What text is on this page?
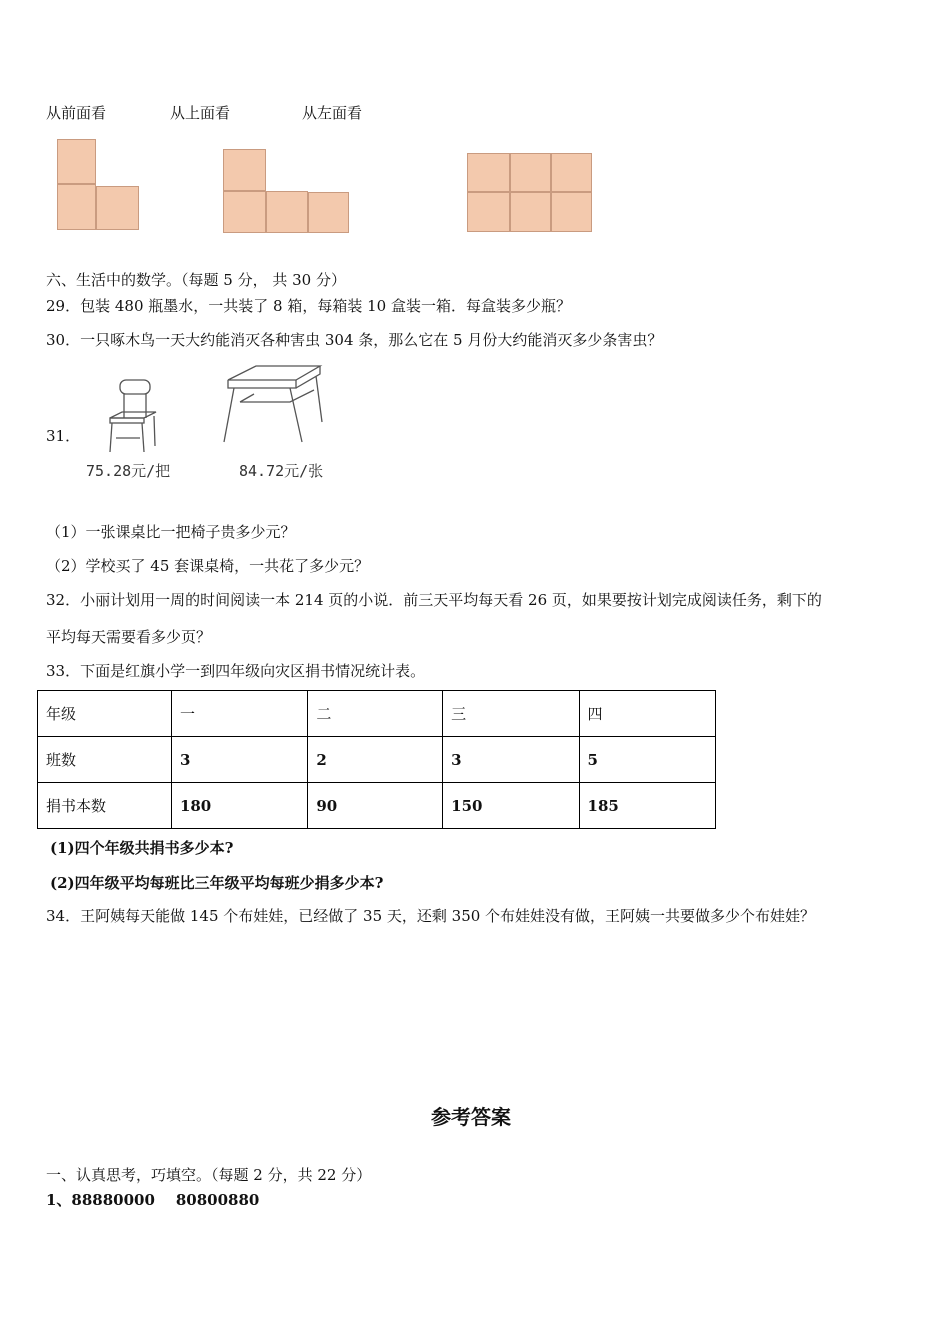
从前面看	从上面看	从左面看
六、生活中的数学。（每题 5 分， 共 30 分）
29．包装 480 瓶墨水，一共装了 8 箱，每箱装 10 盒装一箱．每盒装多少瓶？
30．一只啄木鸟一天大约能消灭各种害虫 304 条，那么它在 5 月份大约能消灭多少条害虫？
31．
75.28元/把	84.72元/张
（1）一张课桌比一把椅子贵多少元？
（2）学校买了 45 套课桌椅，一共花了多少元？
32．小丽计划用一周的时间阅读一本 214 页的小说．前三天平均每天看 26 页，如果要按计划完成阅读任务，剩下的
平均每天需要看多少页？
33．下面是红旗小学一到四年级向灾区捐书情况统计表。
年级	一	二	三	四
班数	3	2	3	5
捐书本数	180	90	150	185
(1)四个年级共捐书多少本?
(2)四年级平均每班比三年级平均每班少捐多少本?
34．王阿姨每天能做 145 个布娃娃，已经做了 35 天，还剩 350 个布娃娃没有做，王阿姨一共要做多少个布娃娃？
参考答案
一、认真思考，巧填空。（每题 2 分，共 22 分）
1、88880000    80800880
